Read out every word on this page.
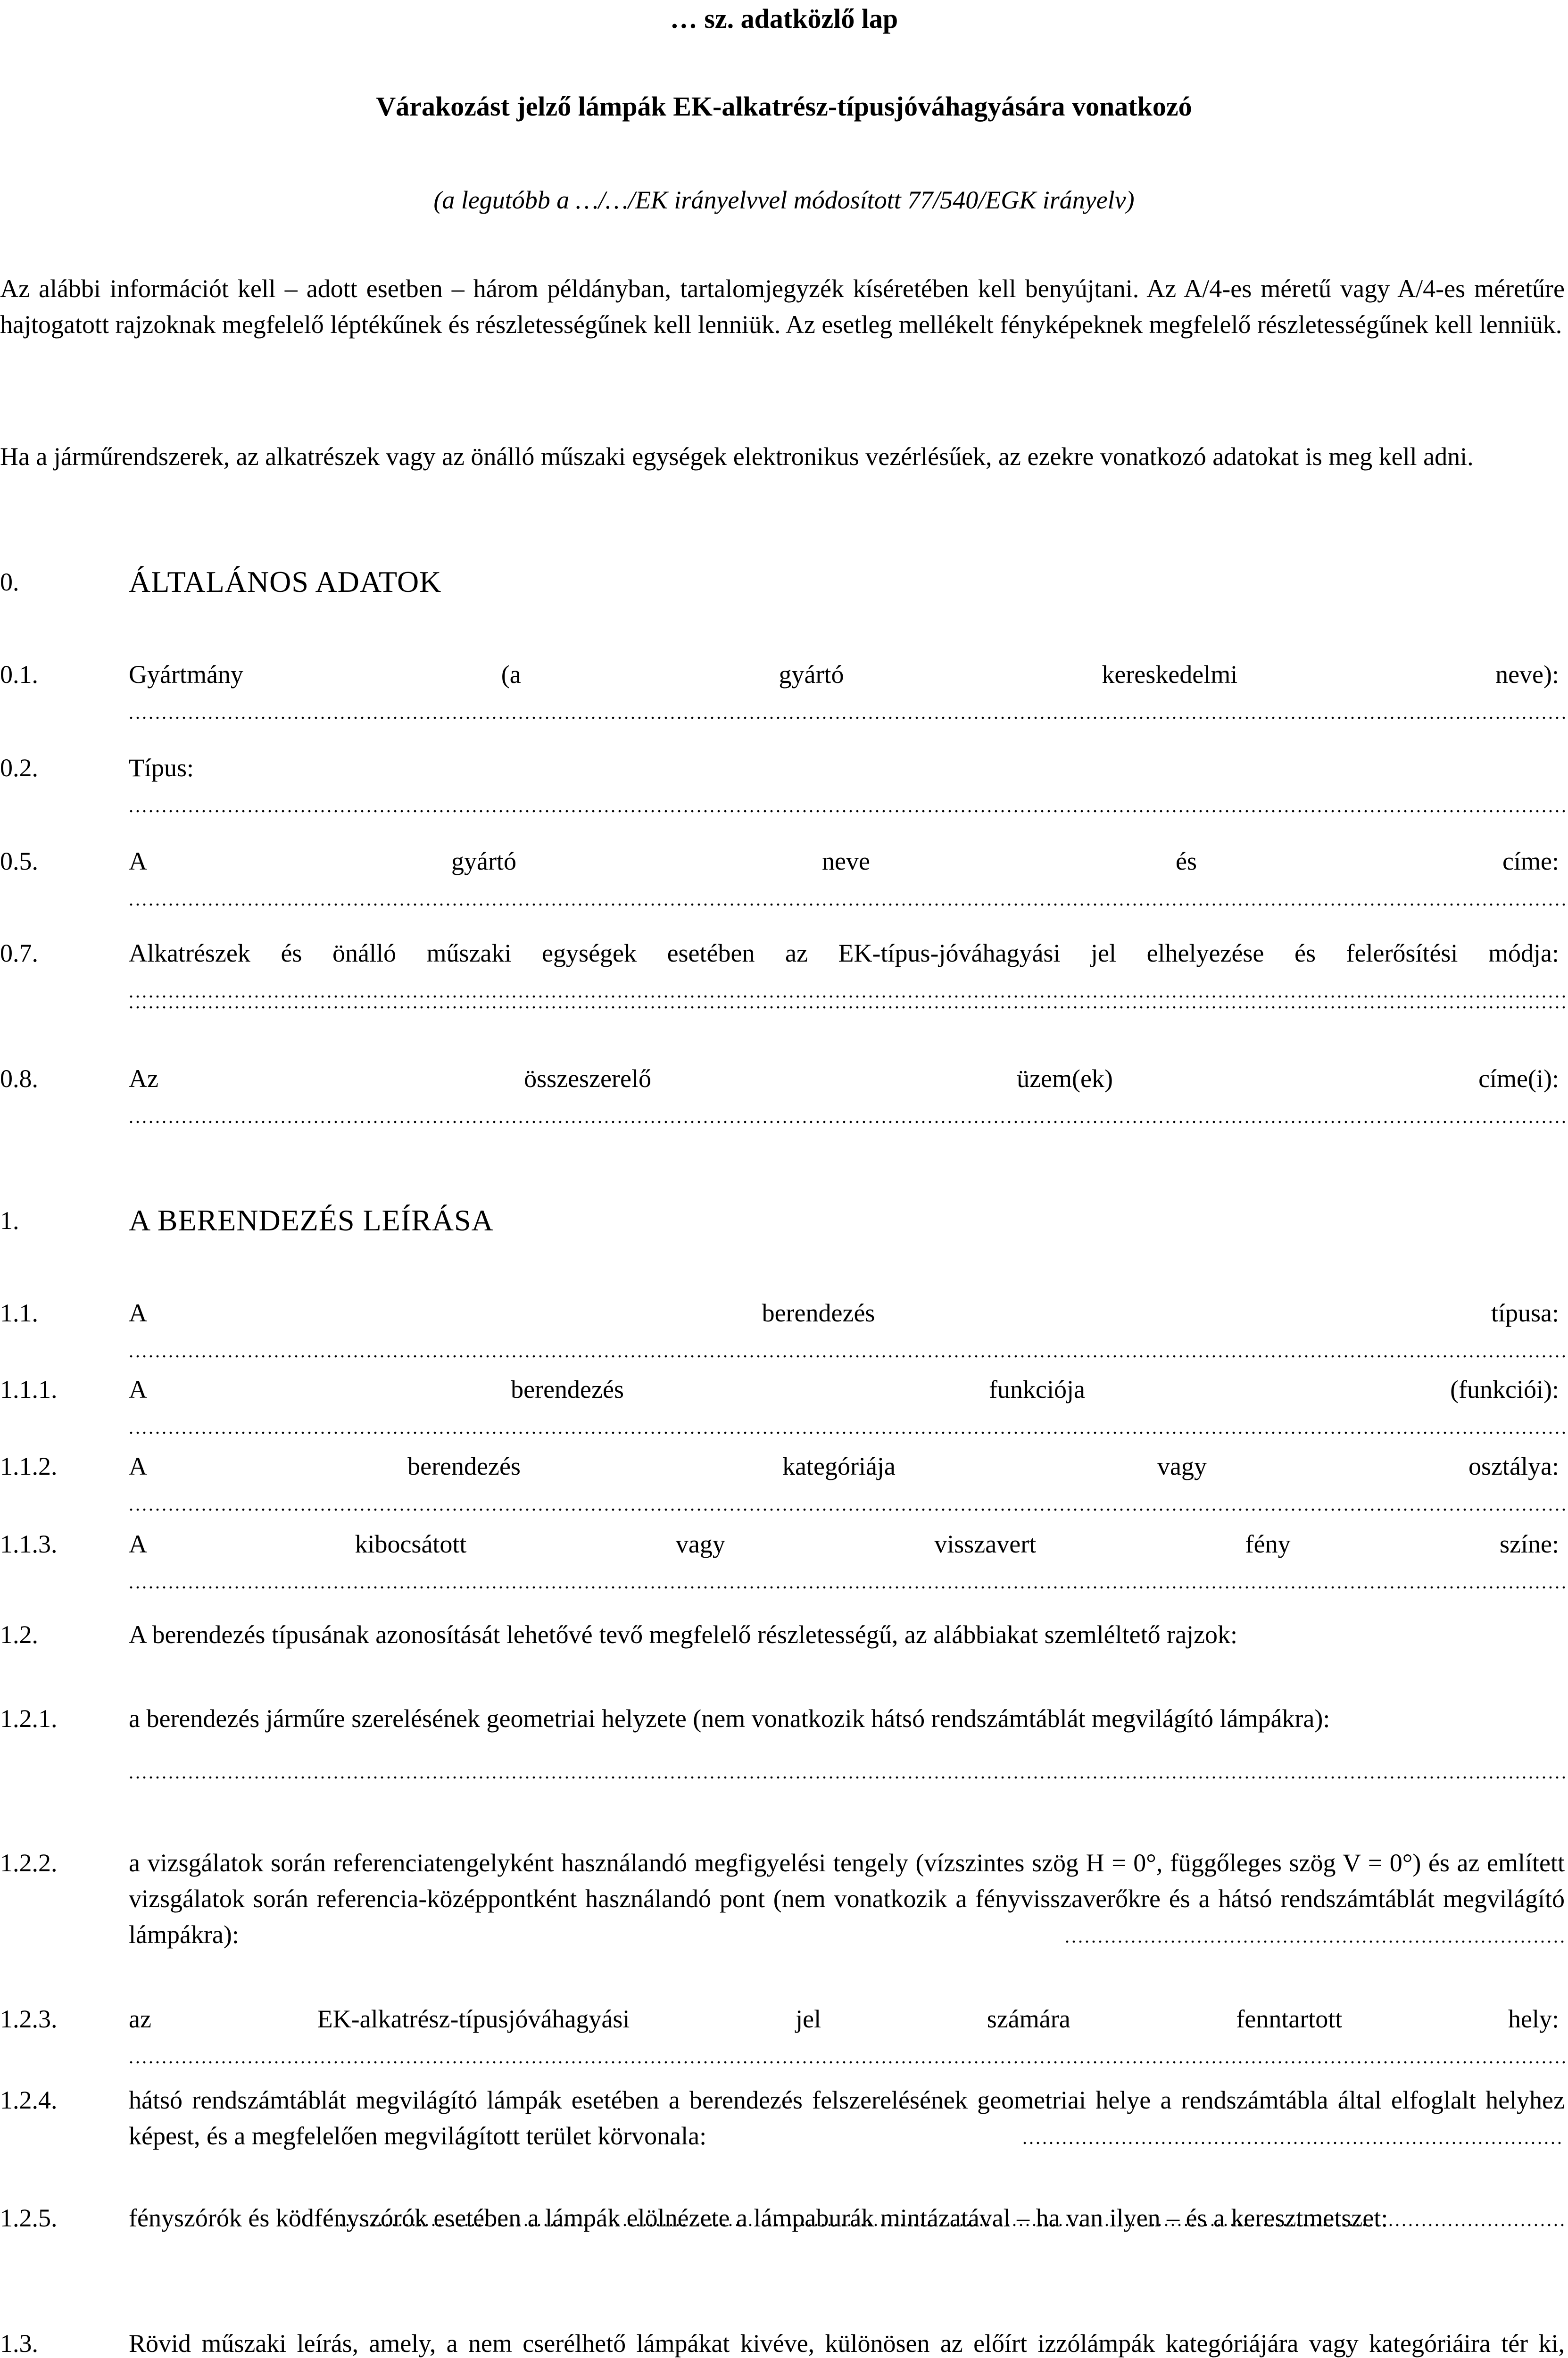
… sz. adatközlő lap
Várakozást jelző lámpák EK-alkatrész-típusjóváhagyására vonatkozó
(a legutóbb a …/…/EK irányelvvel módosított 77/540/EGK irányelv)
Az alábbi információt kell – adott esetben – három példányban, tartalomjegyzék kíséretében kell benyújtani. Az A/4-es méretű vagy A/4-es méretűre hajtogatott rajzoknak megfelelő léptékűnek és részletességűnek kell lenniük. Az esetleg mellékelt fényképeknek megfelelő részletességűnek kell lenniük.
Ha a járműrendszerek, az alkatrészek vagy az önálló műszaki egységek elektronikus vezérlésűek, az ezekre vonatkozó adatokat is meg kell adni.
0.	ÁLTALÁNOS ADATOK
0.1.	Gyártmány (a gyártó kereskedelmi neve): .....
0.2.	Típus: .....
0.5.	A gyártó neve és címe: .....
0.7.	Alkatrészek és önálló műszaki egységek esetében az EK-típus-jóváhagyási jel elhelyezése és felerősítési módja: .....
.....
0.8.	Az összeszerelő üzem(ek) címe(i): .....
1.	A BERENDEZÉS LEÍRÁSA
1.1.	A berendezés típusa: .....
1.1.1.	A berendezés funkciója (funkciói): .....
1.1.2.	A berendezés kategóriája vagy osztálya: .....
1.1.3.	A kibocsátott vagy visszavert fény színe: .....
1.2.	A berendezés típusának azonosítását lehetővé tevő megfelelő részletességű, az alábbiakat szemléltető rajzok:
1.2.1.	a berendezés járműre szerelésének geometriai helyzete (nem vonatkozik hátsó rendszámtáblát megvilágító lámpákra):
.....
1.2.2.	a vizsgálatok során referenciatengelyként használandó megfigyelési tengely (vízszintes szög H = 0°, függőleges szög V = 0°) és az említett vizsgálatok során referencia-középpontként használandó pont (nem vonatkozik a fényvisszaverőkre és a hátsó rendszámtáblát megvilágító lámpákra):
.....
1.2.3.	az EK-alkatrész-típusjóváhagyási jel számára fenntartott hely: .....
1.2.4.	hátsó rendszámtáblát megvilágító lámpák esetében a berendezés felszerelésének geometriai helye a rendszámtábla által elfoglalt helyhez képest, és a megfelelően megvilágított terület körvonala:
.....
1.2.5.	fényszórók és ködfényszórók esetében a lámpák elölnézete a lámpaburák mintázatával – ha van ilyen – és a keresztmetszet:
.....
1.3.	Rövid műszaki leírás, amely, a nem cserélhető lámpákat kivéve, különösen az előírt izzólámpák kategóriájára vagy kategóriáira tér ki,
